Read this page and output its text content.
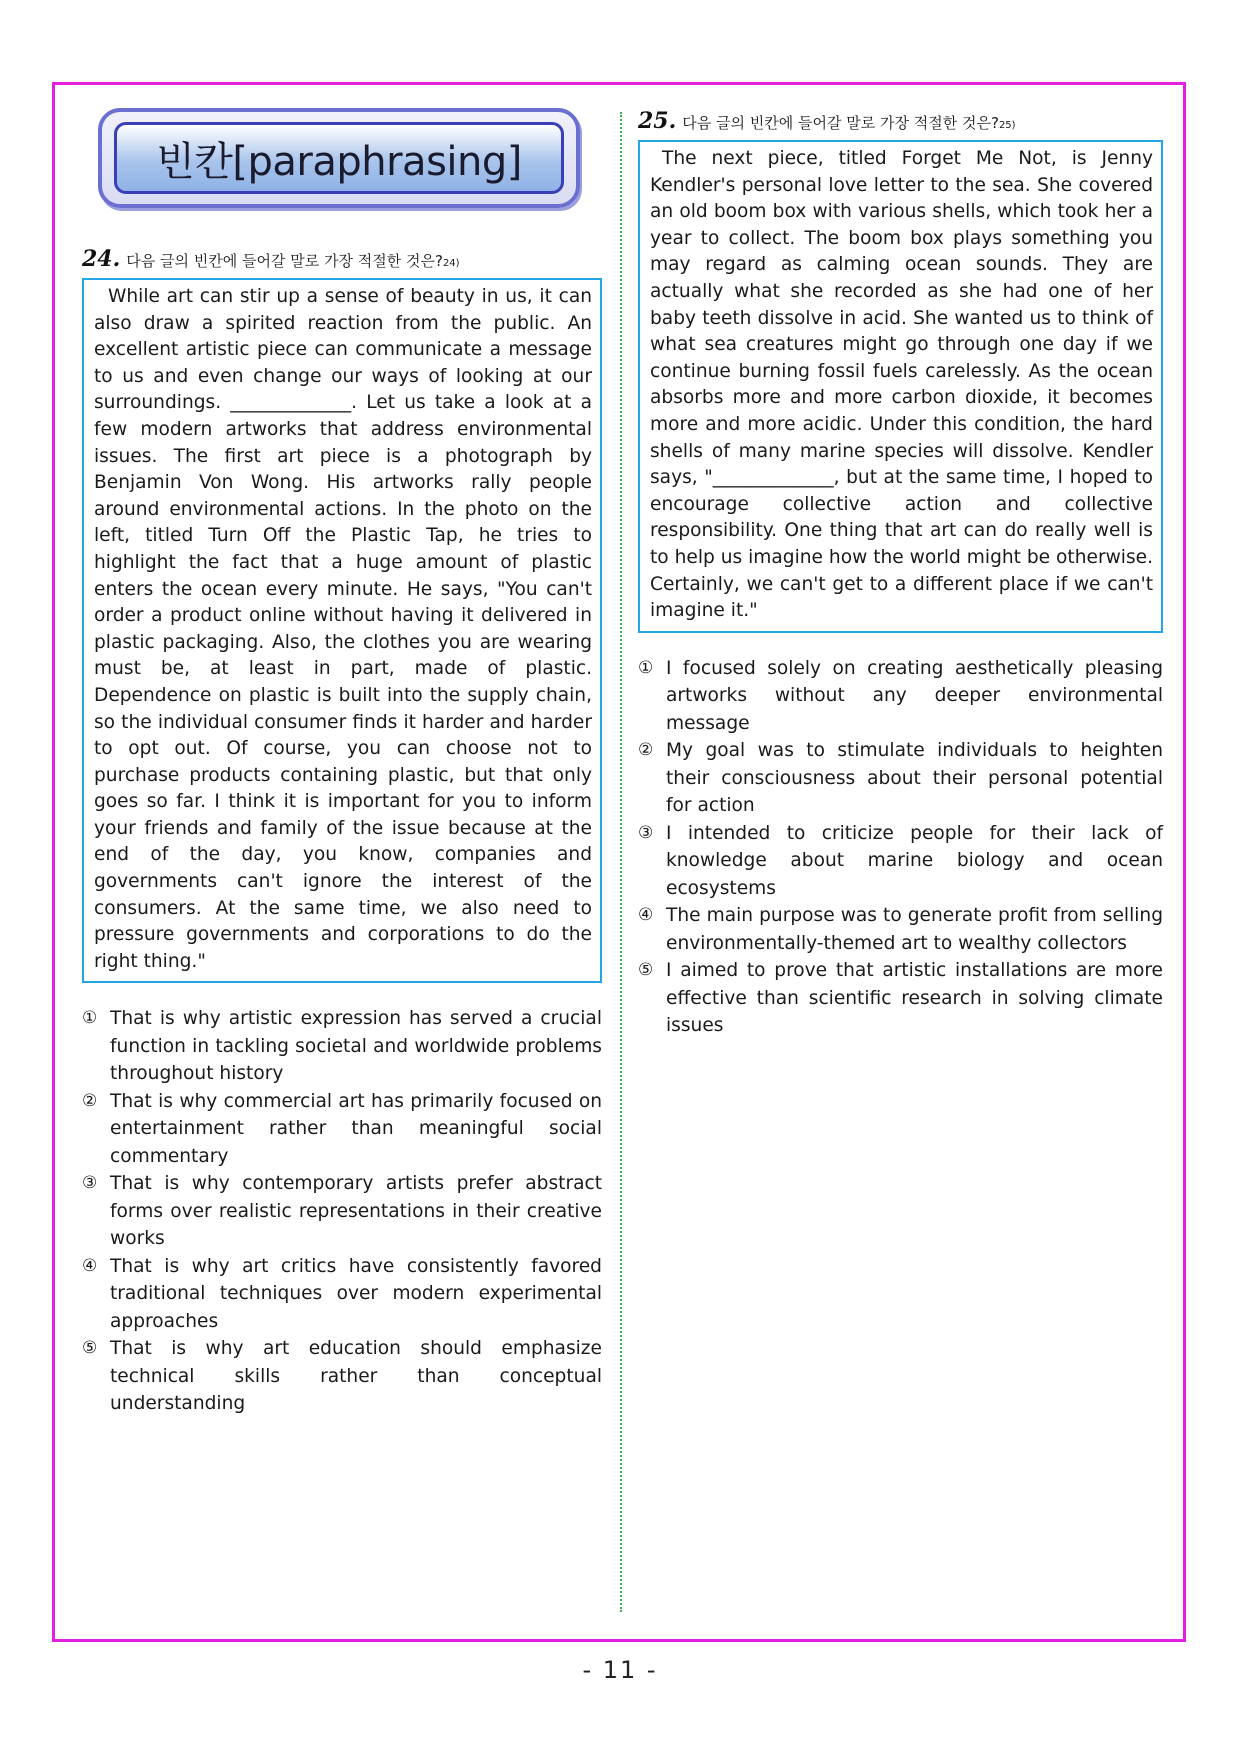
빈칸[paraphrasing]
24. 다음 글의 빈칸에 들어갈 말로 가장 적절한 것은$?_{24)}$
While art can stir up a sense of beauty in us, it can also draw a spirited reaction from the public. An excellent artistic piece can communicate a message to us and even change our ways of looking at our surroundings. _____________. Let us take a look at a few modern artworks that address environmental issues. The first art piece is a photograph by Benjamin Von Wong. His artworks rally people around environmental actions. In the photo on the left, titled Turn Off the Plastic Tap, he tries to highlight the fact that a huge amount of plastic enters the ocean every minute. He says, "You can't order a product online without having it delivered in plastic packaging. Also, the clothes you are wearing must be, at least in part, made of plastic. Dependence on plastic is built into the supply chain, so the individual consumer finds it harder and harder to opt out. Of course, you can choose not to purchase products containing plastic, but that only goes so far. I think it is important for you to inform your friends and family of the issue because at the end of the day, you know, companies and governments can't ignore the interest of the consumers. At the same time, we also need to pressure governments and corporations to do the right thing."
① That is why artistic expression has served a crucial function in tackling societal and worldwide problems throughout history
② That is why commercial art has primarily focused on entertainment rather than meaningful social commentary
③ That is why contemporary artists prefer abstract forms over realistic representations in their creative works
④ That is why art critics have consistently favored traditional techniques over modern experimental approaches
⑤ That is why art education should emphasize technical skills rather than conceptual understanding
25. 다음 글의 빈칸에 들어갈 말로 가장 적절한 것은$?_{25)}$
The next piece, titled Forget Me Not, is Jenny Kendler's personal love letter to the sea. She covered an old boom box with various shells, which took her a year to collect. The boom box plays something you may regard as calming ocean sounds. They are actually what she recorded as she had one of her baby teeth dissolve in acid. She wanted us to think of what sea creatures might go through one day if we continue burning fossil fuels carelessly. As the ocean absorbs more and more carbon dioxide, it becomes more and more acidic. Under this condition, the hard shells of many marine species will dissolve. Kendler says, "_____________, but at the same time, I hoped to encourage collective action and collective responsibility. One thing that art can do really well is to help us imagine how the world might be otherwise. Certainly, we can't get to a different place if we can't imagine it."
① I focused solely on creating aesthetically pleasing artworks without any deeper environmental message
② My goal was to stimulate individuals to heighten their consciousness about their personal potential for action
③ I intended to criticize people for their lack of knowledge about marine biology and ocean ecosystems
④ The main purpose was to generate profit from selling environmentally-themed art to wealthy collectors
⑤ I aimed to prove that artistic installations are more effective than scientific research in solving climate issues
- 11 -
